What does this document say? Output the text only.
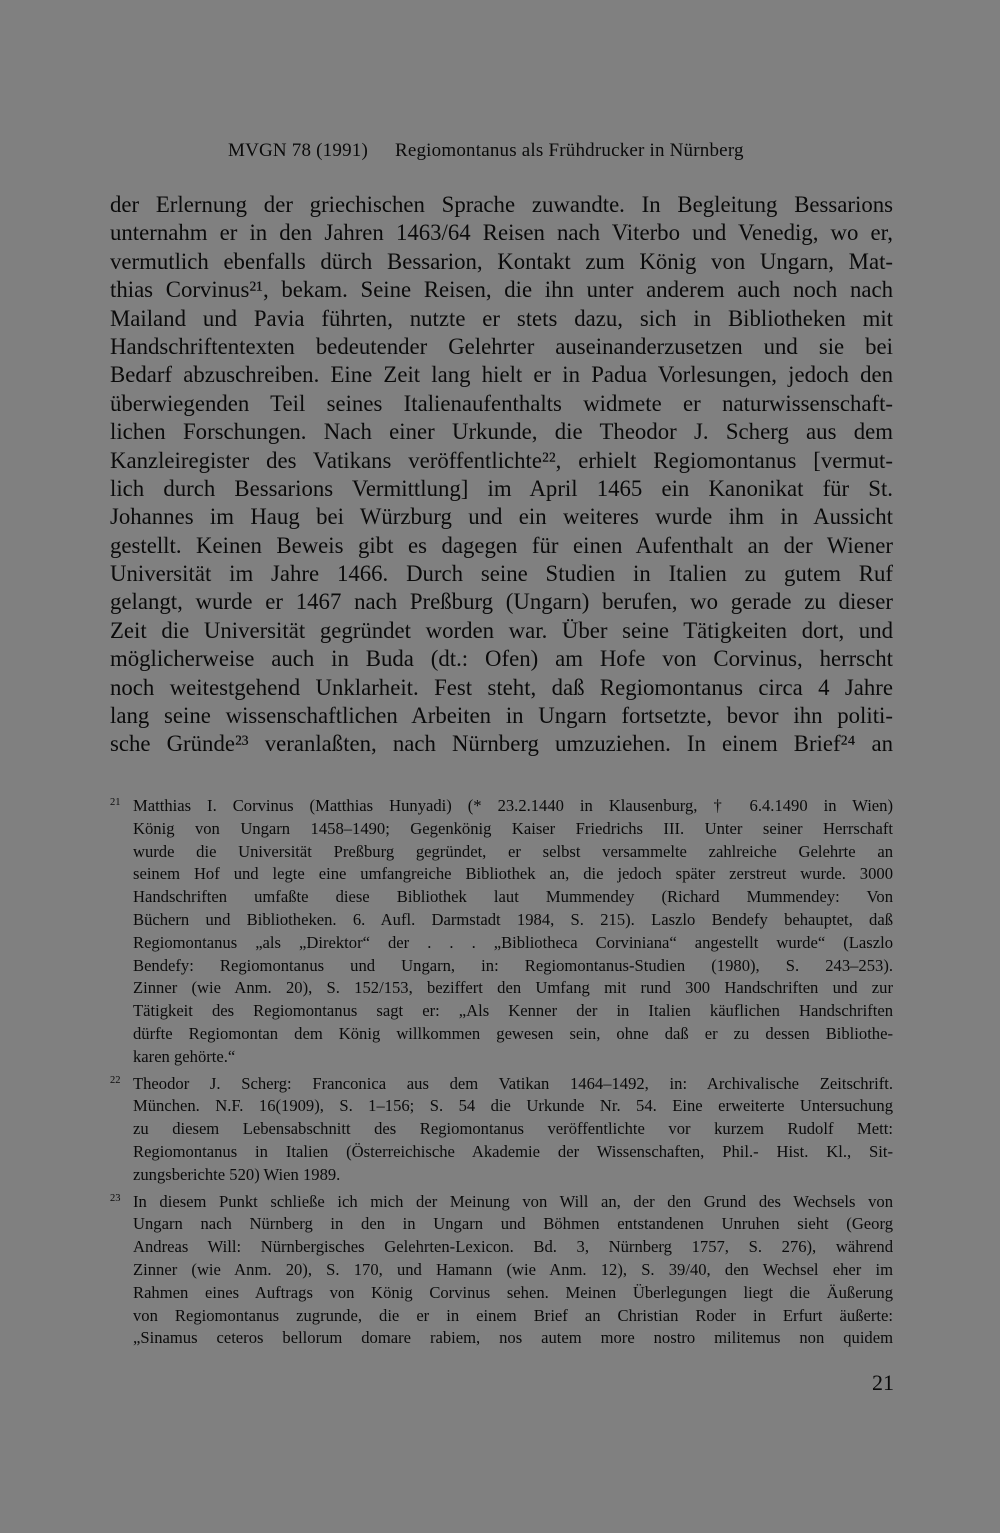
MVGN 78 (1991) Regiomontanus als Frühdrucker in Nürnberg
der Erlernung der griechischen Sprache zuwandte. In Begleitung Bessarions
unternahm er in den Jahren 1463/64 Reisen nach Viterbo und Venedig, wo er,
vermutlich ebenfalls dürch Bessarion, Kontakt zum König von Ungarn, Mat-
thias Corvinus²¹, bekam. Seine Reisen, die ihn unter anderem auch noch nach
Mailand und Pavia führten, nutzte er stets dazu, sich in Bibliotheken mit
Handschriftentexten bedeutender Gelehrter auseinanderzusetzen und sie bei
Bedarf abzuschreiben. Eine Zeit lang hielt er in Padua Vorlesungen, jedoch den
überwiegenden Teil seines Italienaufenthalts widmete er naturwissenschaft-
lichen Forschungen. Nach einer Urkunde, die Theodor J. Scherg aus dem
Kanzleiregister des Vatikans veröffentlichte²², erhielt Regiomontanus [vermut-
lich durch Bessarions Vermittlung] im April 1465 ein Kanonikat für St.
Johannes im Haug bei Würzburg und ein weiteres wurde ihm in Aussicht
gestellt. Keinen Beweis gibt es dagegen für einen Aufenthalt an der Wiener
Universität im Jahre 1466. Durch seine Studien in Italien zu gutem Ruf
gelangt, wurde er 1467 nach Preßburg (Ungarn) berufen, wo gerade zu dieser
Zeit die Universität gegründet worden war. Über seine Tätigkeiten dort, und
möglicherweise auch in Buda (dt.: Ofen) am Hofe von Corvinus, herrscht
noch weitestgehend Unklarheit. Fest steht, daß Regiomontanus circa 4 Jahre
lang seine wissenschaftlichen Arbeiten in Ungarn fortsetzte, bevor ihn politi-
sche Gründe²³ veranlaßten, nach Nürnberg umzuziehen. In einem Brief²⁴ an
21 Matthias I. Corvinus (Matthias Hunyadi) (* 23.2.1440 in Klausenburg, † 6.4.1490 in Wien)
König von Ungarn 1458–1490; Gegenkönig Kaiser Friedrichs III. Unter seiner Herrschaft
wurde die Universität Preßburg gegründet, er selbst versammelte zahlreiche Gelehrte an
seinem Hof und legte eine umfangreiche Bibliothek an, die jedoch später zerstreut wurde. 3000
Handschriften umfaßte diese Bibliothek laut Mummendey (Richard Mummendey: Von
Büchern und Bibliotheken. 6. Aufl. Darmstadt 1984, S. 215). Laszlo Bendefy behauptet, daß
Regiomontanus „als „Direktor“ der . . . „Bibliotheca Corviniana“ angestellt wurde“ (Laszlo
Bendefy: Regiomontanus und Ungarn, in: Regiomontanus-Studien (1980), S. 243–253).
Zinner (wie Anm. 20), S. 152/153, beziffert den Umfang mit rund 300 Handschriften und zur
Tätigkeit des Regiomontanus sagt er: „Als Kenner der in Italien käuflichen Handschriften
dürfte Regiomontan dem König willkommen gewesen sein, ohne daß er zu dessen Bibliothe-
karen gehörte.“
22 Theodor J. Scherg: Franconica aus dem Vatikan 1464–1492, in: Archivalische Zeitschrift.
München. N.F. 16(1909), S. 1–156; S. 54 die Urkunde Nr. 54. Eine erweiterte Untersuchung
zu diesem Lebensabschnitt des Regiomontanus veröffentlichte vor kurzem Rudolf Mett:
Regiomontanus in Italien (Österreichische Akademie der Wissenschaften, Phil.- Hist. Kl., Sit-
zungsberichte 520) Wien 1989.
23 In diesem Punkt schließe ich mich der Meinung von Will an, der den Grund des Wechsels von
Ungarn nach Nürnberg in den in Ungarn und Böhmen entstandenen Unruhen sieht (Georg
Andreas Will: Nürnbergisches Gelehrten-Lexicon. Bd. 3, Nürnberg 1757, S. 276), während
Zinner (wie Anm. 20), S. 170, und Hamann (wie Anm. 12), S. 39/40, den Wechsel eher im
Rahmen eines Auftrags von König Corvinus sehen. Meinen Überlegungen liegt die Äußerung
von Regiomontanus zugrunde, die er in einem Brief an Christian Roder in Erfurt äußerte:
„Sinamus ceteros bellorum domare rabiem, nos autem more nostro militemus non quidem
21
